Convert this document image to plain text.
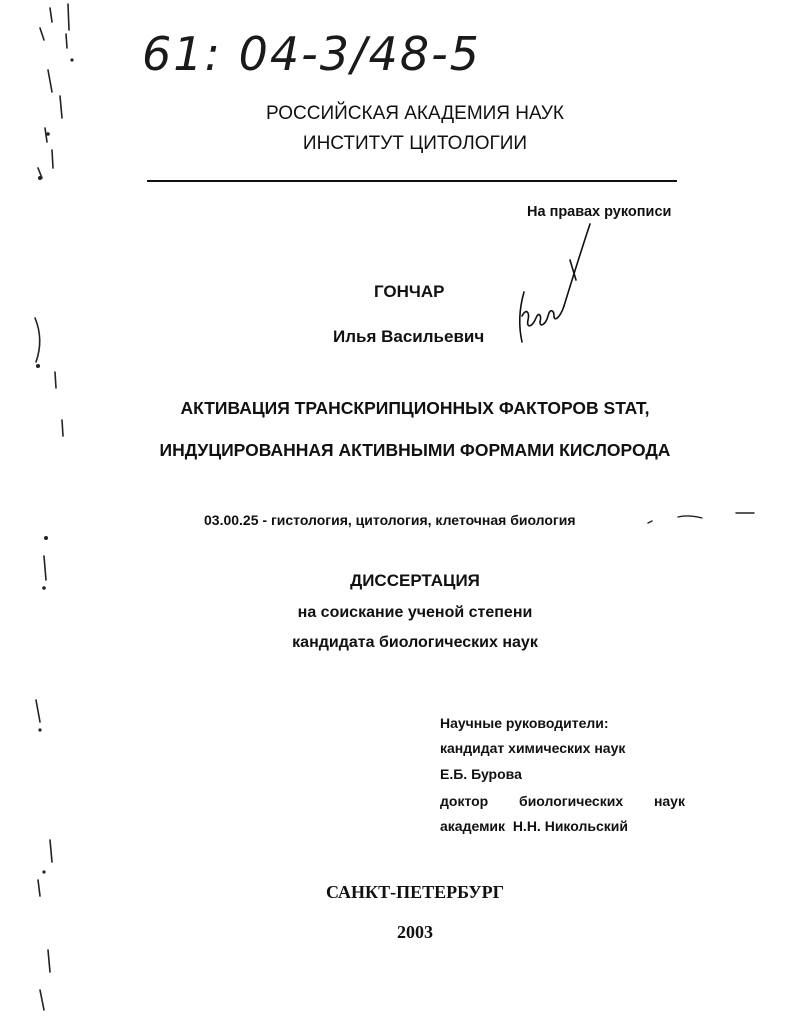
61: 04-3/48-5
РОССИЙСКАЯ АКАДЕМИЯ НАУК
ИНСТИТУТ ЦИТОЛОГИИ
На правах рукописи
ГОНЧАР
Илья Васильевич
АКТИВАЦИЯ ТРАНСКРИПЦИОННЫХ ФАКТОРОВ STAT,
ИНДУЦИРОВАННАЯ АКТИВНЫМИ ФОРМАМИ КИСЛОРОДА
03.00.25 - гистология, цитология, клеточная биология
ДИССЕРТАЦИЯ
на соискание ученой степени
кандидата биологических наук
Научные руководители:
кандидат химических наук
Е.Б. Бурова
доктор биологических наук
академик  Н.Н. Никольский
САНКТ-ПЕТЕРБУРГ
2003
